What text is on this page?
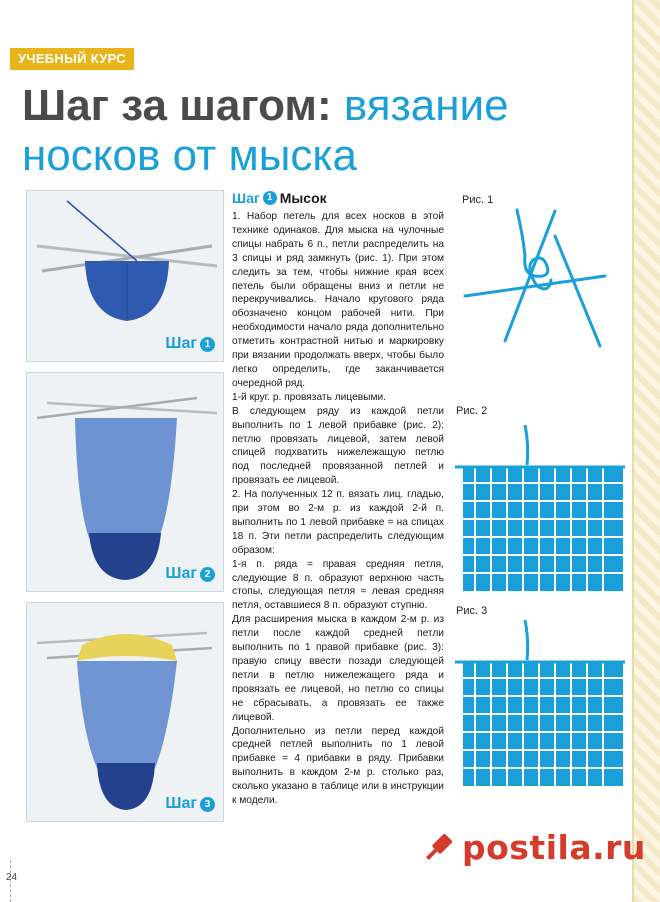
УЧЕБНЫЙ КУРС
Шаг за шагом: вязание
носков от мыска
Шаг 1
Шаг 2
Шаг 3
Шаг 1 Мысок

1. Набор петель для всех носков в этой технике одинаков. Для мыска на чулочные спицы набрать 6 п., петли распределить на 3 спицы и ряд замкнуть (рис. 1). При этом следить за тем, чтобы нижние края всех петель были обращены вниз и петли не перекручивались. Начало кругового ряда обозначено концом рабочей нити. При необходимости начало ряда дополнительно отметить контрастной нитью и маркировку при вязании продолжать вверх, чтобы было легко определить, где заканчивается очередной ряд.

1-й круг. р. провязать лицевыми.

В следующем ряду из каждой петли выполнить по 1 левой прибавке (рис. 2): петлю провязать лицевой, затем левой спицей подхватить нижележащую петлю под последней провязанной петлей и провязать ее лицевой.

2. На полученных 12 п. вязать лиц. гладью, при этом во 2-м р. из каждой 2-й п. выполнить по 1 левой прибавке = на спицах 18 п. Эти петли распределить следующим образом:

1-я п. ряда = правая средняя петля, следующие 8 п. образуют верхнюю часть стопы, следующая петля = левая средняя петля, оставшиеся 8 п. образуют ступню.

Для расширения мыска в каждом 2-м р. из петли после каждой средней петли выполнить по 1 правой прибавке (рис. 3): правую спицу ввести позади следующей петли в петлю нижележащего ряда и провязать ее лицевой, но петлю со спицы не сбрасывать, а провязать ее также лицевой.

Дополнительно из петли перед каждой средней петлей выполнить по 1 левой прибавке = 4 прибавки в ряду. Прибавки выполнить в каждом 2-м р. столько раз, сколько указано в таблице или в инструкции к модели.

Рис. 1
Рис. 2
Рис. 3
24
postila.ru
